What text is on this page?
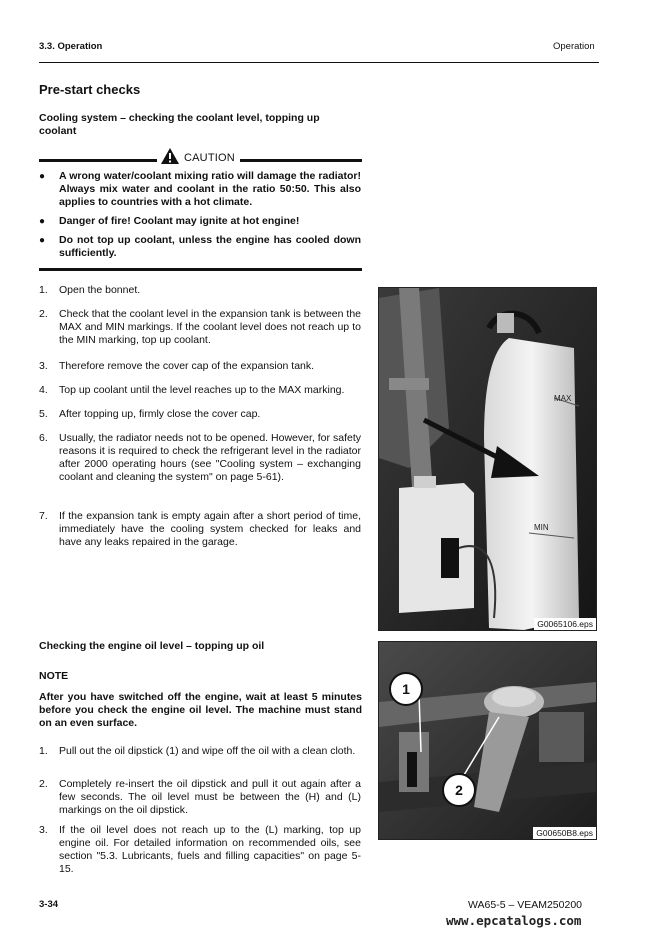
3.3. Operation	Operation
Pre-start checks
Cooling system – checking the coolant level, topping up coolant
CAUTION
● A wrong water/coolant mixing ratio will damage the radiator! Always mix water and coolant in the ratio 50:50. This also applies to countries with a hot climate.
● Danger of fire! Coolant may ignite at hot engine!
● Do not top up coolant, unless the engine has cooled down sufficiently.
1. Open the bonnet.
2. Check that the coolant level in the expansion tank is between the MAX and MIN markings. If the coolant level does not reach up to the MIN marking, top up coolant.
3. Therefore remove the cover cap of the expansion tank.
4. Top up coolant until the level reaches up to the MAX marking.
5. After topping up, firmly close the cover cap.
6. Usually, the radiator needs not to be opened. However, for safety reasons it is required to check the refrigerant level in the radiator after 2000 operating hours (see "Cooling system – exchanging coolant and cleaning the system" on page 5-61).
7. If the expansion tank is empty again after a short period of time, immediately have the cooling system checked for leaks and have any leaks repaired in the garage.
MAX
MIN
G0065106.eps
Checking the engine oil level – topping up oil
NOTE
After you have switched off the engine, wait at least 5 minutes before you check the engine oil level. The machine must stand on an even surface.
1. Pull out the oil dipstick (1) and wipe off the oil with a clean cloth.
2. Completely re-insert the oil dipstick and pull it out again after a few seconds. The oil level must be between the (H) and (L) markings on the oil dipstick.
3. If the oil level does not reach up to the (L) marking, top up engine oil. For detailed information on recommended oils, see section "5.3. Lubricants, fuels and filling capacities" on page 5-15.
1
2
G00650B8.eps
3-34	WA65-5 – VEAM250200
www.epcatalogs.com
